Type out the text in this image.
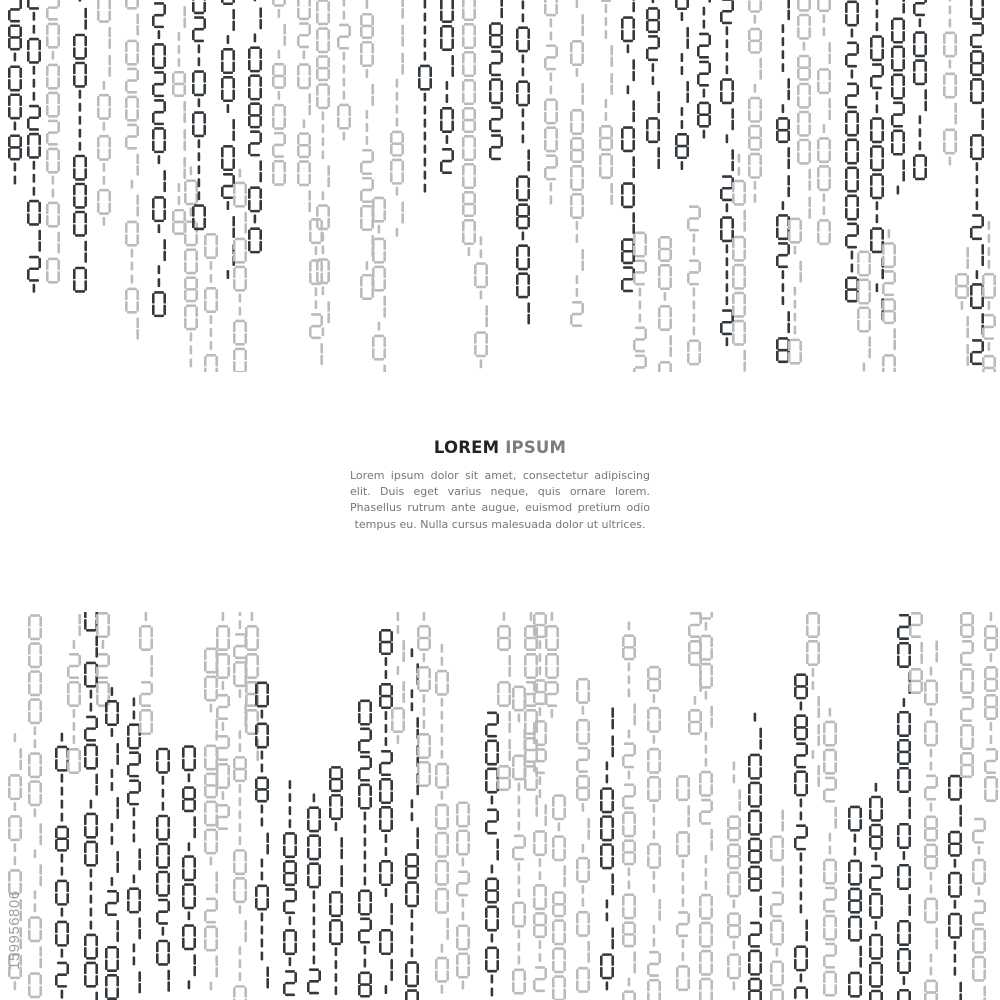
LOREM IPSUM

Lorem ipsum dolor sit amet, consectetur adipiscing elit. Duis eget varius neque, quis ornare lorem. Phasellus rutrum ante augue, euismod pretium odio tempus eu. Nulla cursus malesuada dolor ut ultrices.

159956806
